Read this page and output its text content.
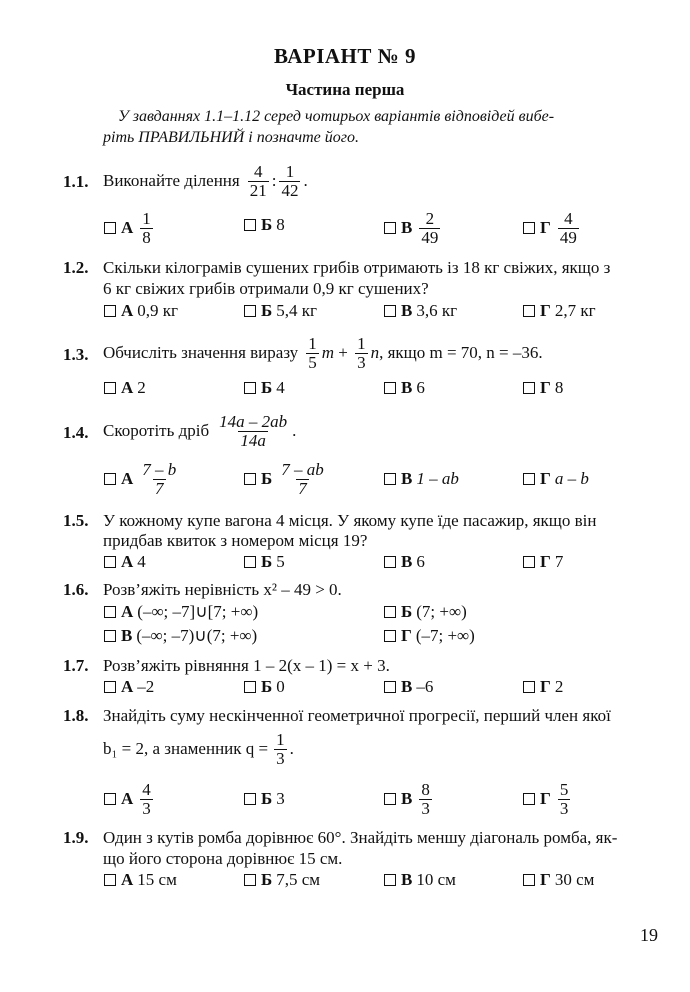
ВАРІАНТ № 9
Частина перша
У завданнях 1.1–1.12 серед чотирьох варіантів відповідей вибе-
ріть ПРАВИЛЬНИЙ і позначте його.
1.1. Виконайте ділення $\frac{4}{21}$ : $\frac{1}{42}$ .
А $\frac{1}{8}$	Б 8	В $\frac{2}{49}$	Г $\frac{4}{49}$
1.2. Скільки кілограмів сушених грибів отримають із 18 кг свіжих, якщо з
6 кг свіжих грибів отримали 0,9 кг сушених?
А 0,9 кг	Б 5,4 кг	В 3,6 кг	Г 2,7 кг
1.3. Обчисліть значення виразу $\frac{1}{5}$ $m + \frac{1}{3}$ n , якщо m = 70, n = –36.
А 2	Б 4	В 6	Г 8
1.4. Скоротіть дріб $\frac{14a - 2ab}{14a}$ .
А $\frac{7 - b}{7}$	Б $\frac{7 - ab}{7}$	В 1 – ab	Г a – b
1.5. У кожному купе вагона 4 місця. У якому купе їде пасажир, якщо він
придбав квиток з номером місця 19?
А 4	Б 5	В 6	Г 7
1.6. Розв’яжіть нерівність x² – 49 > 0.
А (–∞; –7]∪[7; +∞)	Б (7; +∞)
В (–∞; –7)∪(7; +∞)	Г (–7; +∞)
1.7. Розв’яжіть рівняння 1 – 2(x – 1) = x + 3.
А –2	Б 0	В –6	Г 2
1.8. Знайдіть суму нескінченної геометричної прогресії, перший член якої
b₁ = 2, а знаменник $q = \frac{1}{3}$ .
А $\frac{4}{3}$	Б 3	В $\frac{8}{3}$	Г $\frac{5}{3}$
1.9. Один з кутів ромба дорівнює 60°. Знайдіть меншу діагональ ромба, як-
що його сторона дорівнює 15 см.
А 15 см	Б 7,5 см	В 10 см	Г 30 см
19
